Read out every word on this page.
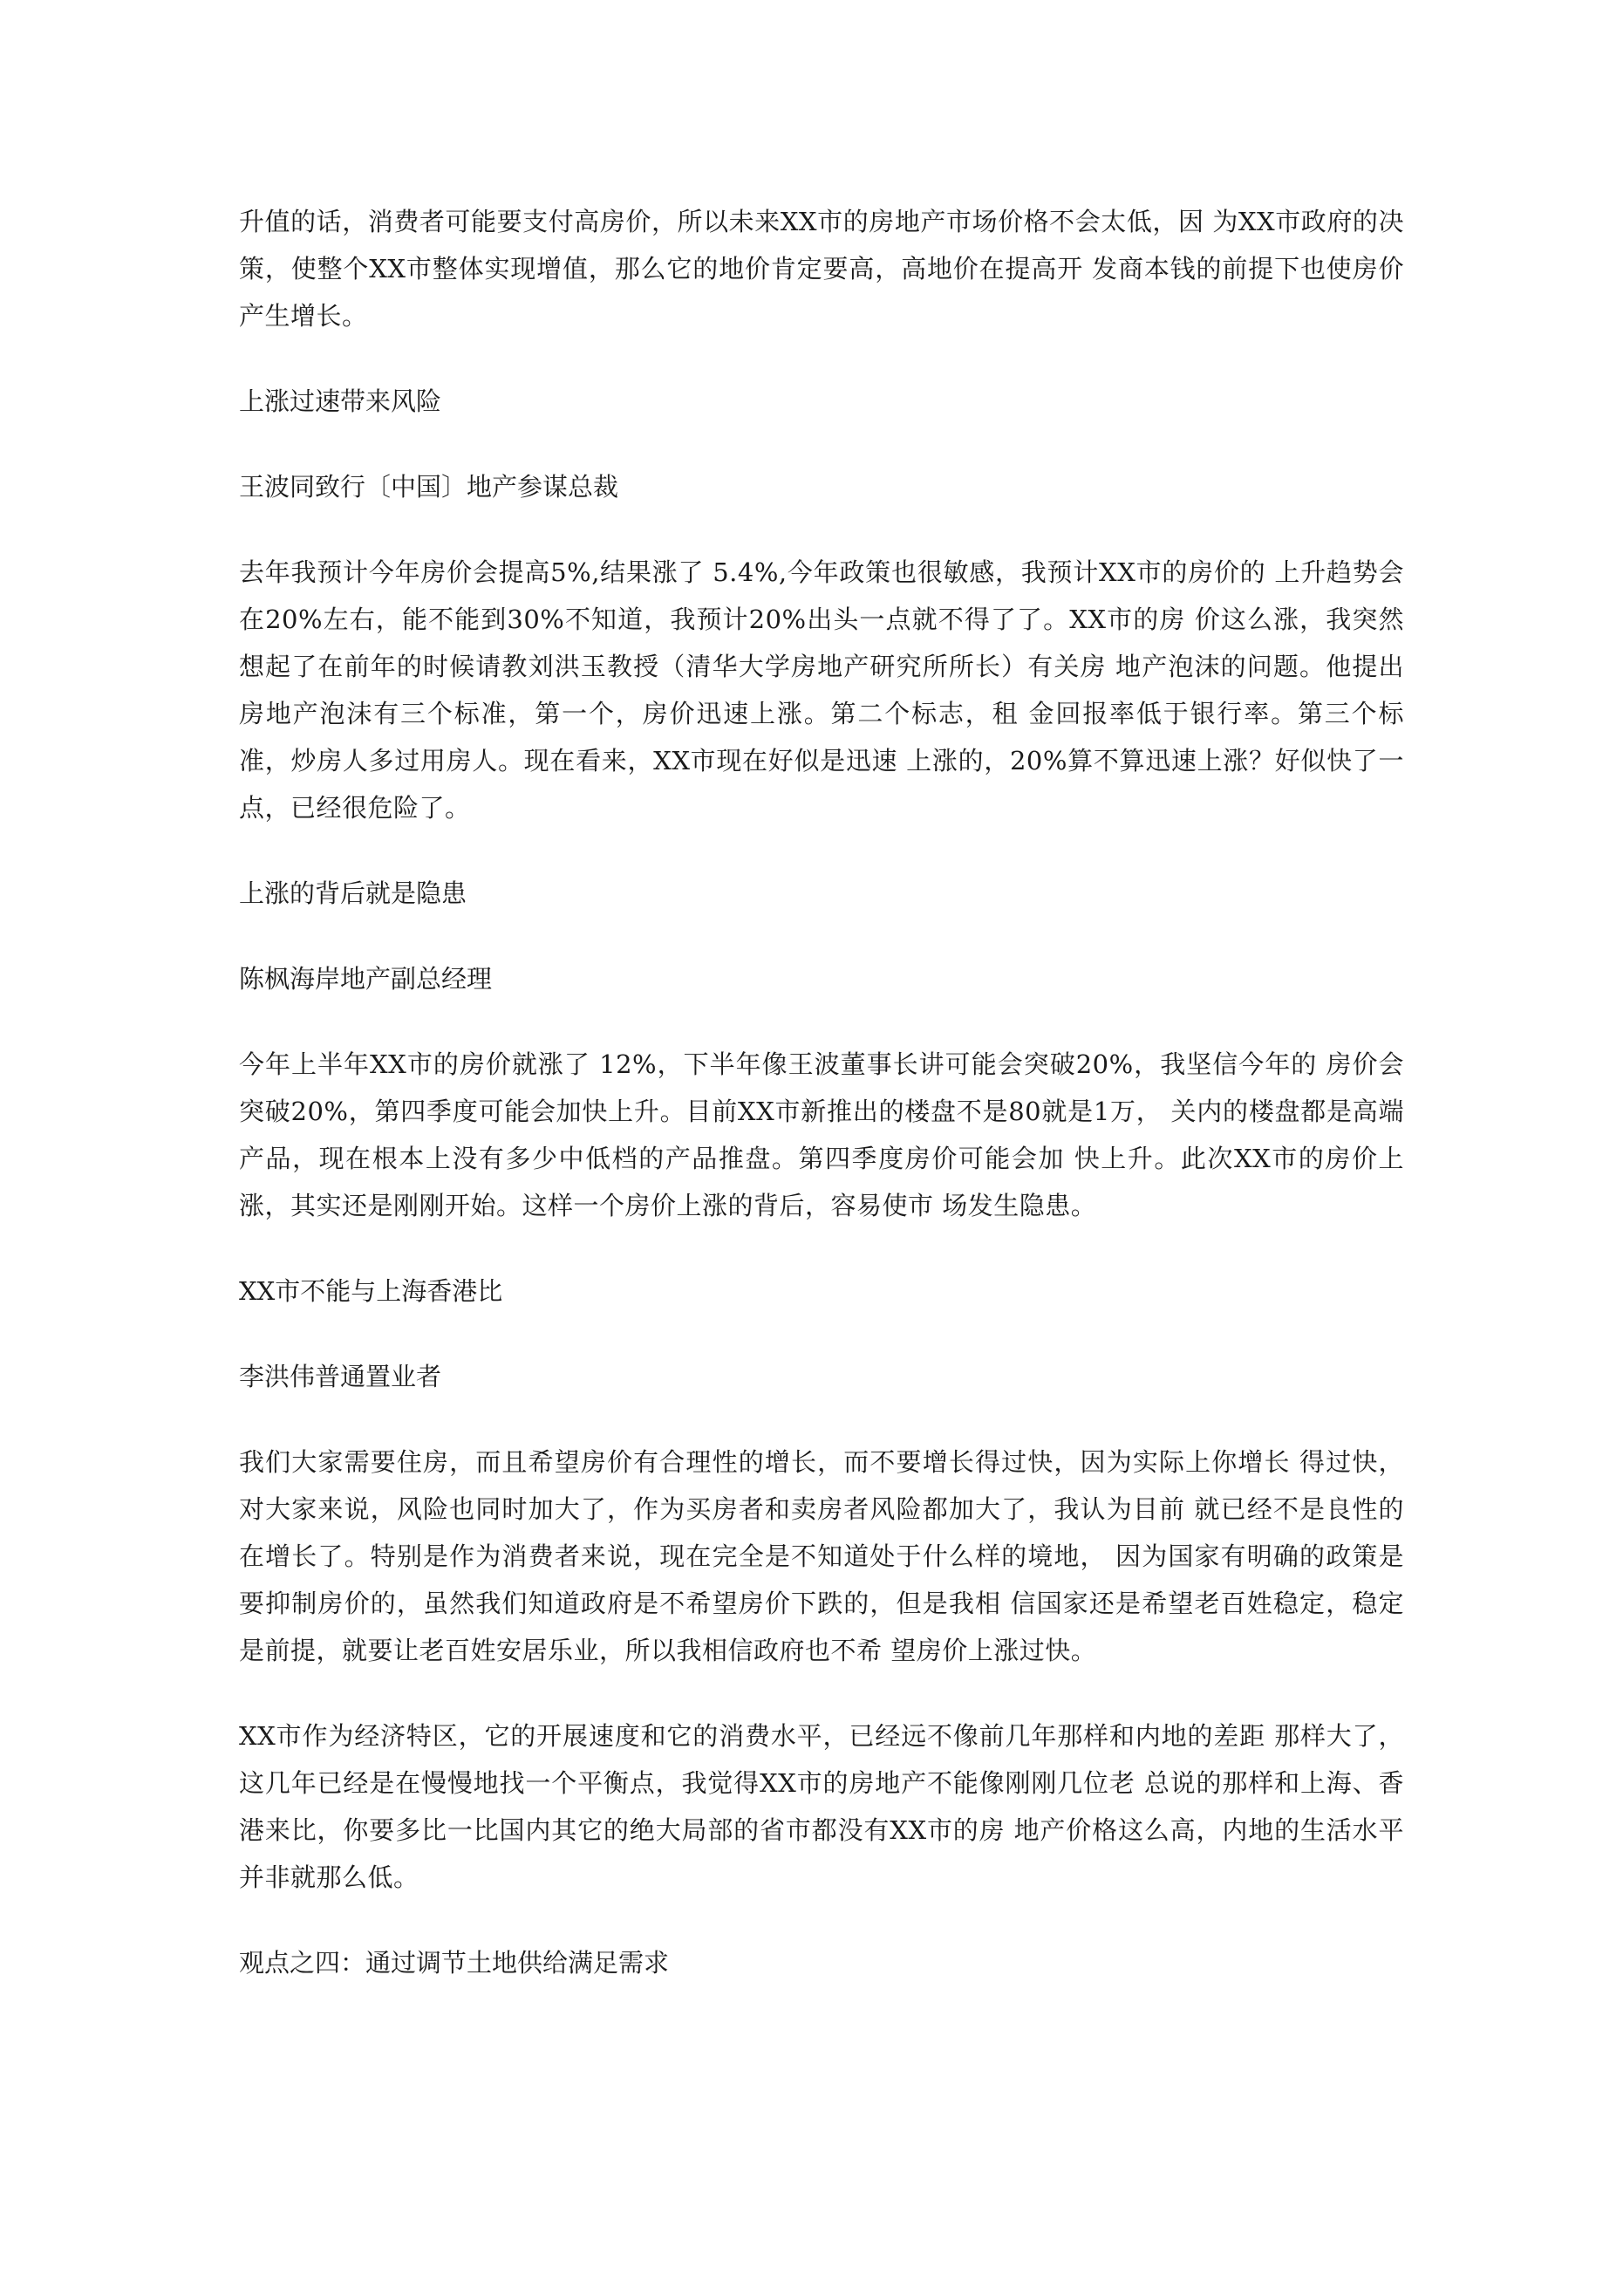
升值的话，消费者可能要支付高房价，所以未来XX市的房地产市场价格不会太低，因 为XX市政府的决策，使整个XX市整体实现增值，那么它的地价肯定要高，高地价在提高开 发商本钱的前提下也使房价产生增长。

上涨过速带来风险

王波同致行〔中国〕地产参谋总裁

去年我预计今年房价会提高5%,结果涨了 5.4%,今年政策也很敏感，我预计XX市的房价的 上升趋势会在20%左右，能不能到30%不知道，我预计20%出头一点就不得了了。XX市的房 价这么涨，我突然想起了在前年的时候请教刘洪玉教授（清华大学房地产研究所所长）有关房 地产泡沫的问题。他提出房地产泡沫有三个标准，第一个，房价迅速上涨。第二个标志，租 金回报率低于银行率。第三个标准，炒房人多过用房人。现在看来，XX市现在好似是迅速 上涨的，20%算不算迅速上涨？好似快了一点，已经很危险了。

上涨的背后就是隐患

陈枫海岸地产副总经理

今年上半年XX市的房价就涨了 12%，下半年像王波董事长讲可能会突破20%，我坚信今年的 房价会突破20%，第四季度可能会加快上升。目前XX市新推出的楼盘不是80就是1万， 关内的楼盘都是高端产品，现在根本上没有多少中低档的产品推盘。第四季度房价可能会加 快上升。此次XX市的房价上涨，其实还是刚刚开始。这样一个房价上涨的背后，容易使市 场发生隐患。

XX市不能与上海香港比

李洪伟普通置业者

我们大家需要住房，而且希望房价有合理性的增长，而不要增长得过快，因为实际上你增长 得过快，对大家来说，风险也同时加大了，作为买房者和卖房者风险都加大了，我认为目前 就已经不是良性的在增长了。特别是作为消费者来说，现在完全是不知道处于什么样的境地， 因为国家有明确的政策是要抑制房价的，虽然我们知道政府是不希望房价下跌的，但是我相 信国家还是希望老百姓稳定，稳定是前提，就要让老百姓安居乐业，所以我相信政府也不希 望房价上涨过快。

XX市作为经济特区，它的开展速度和它的消费水平，已经远不像前几年那样和内地的差距 那样大了，这几年已经是在慢慢地找一个平衡点，我觉得XX市的房地产不能像刚刚几位老 总说的那样和上海、香港来比，你要多比一比国内其它的绝大局部的省市都没有XX市的房 地产价格这么高，内地的生活水平并非就那么低。

观点之四：通过调节土地供给满足需求
